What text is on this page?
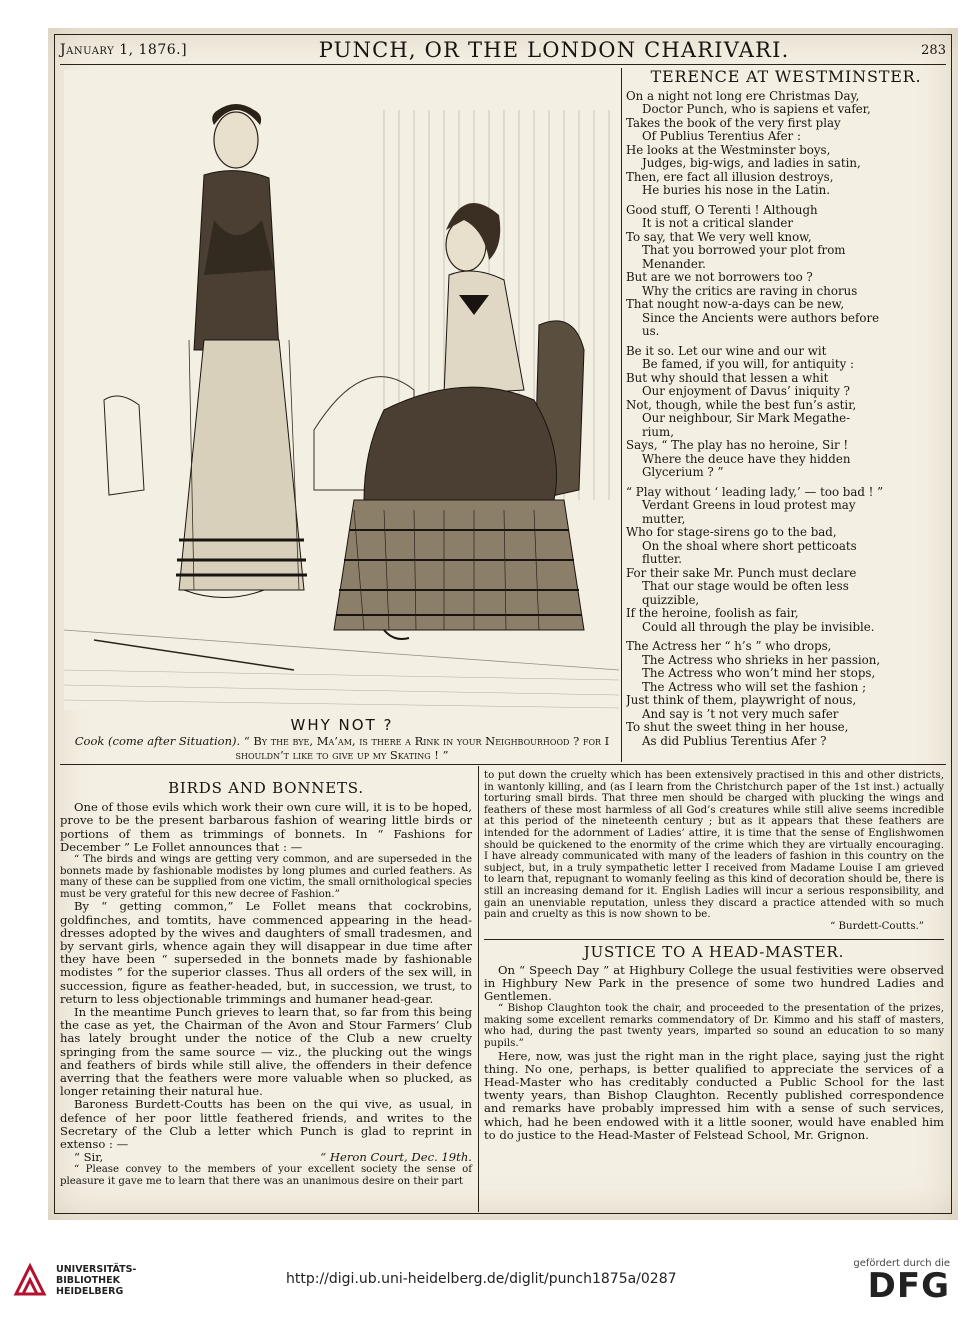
January 1, 1876.]	PUNCH, OR THE LONDON CHARIVARI.	283
WHY NOT ?
Cook (come after Situation). “ By the bye, Ma’am, is there a Rink in your Neighbourhood ? for I shouldn’t like to give up my Skating ! ”
TERENCE AT WESTMINSTER.
On a night not long ere Christmas Day,
Doctor Punch, who is sapiens et vafer,
Takes the book of the very first play
Of Publius Terentius Afer :
He looks at the Westminster boys,
Judges, big-wigs, and ladies in satin,
Then, ere fact all illusion destroys,
He buries his nose in the Latin.
Good stuff, O Terenti ! Although
It is not a critical slander
To say, that We very well know,
That you borrowed your plot from
Menander.
But are we not borrowers too ?
Why the critics are raving in chorus
That nought now-a-days can be new,
Since the Ancients were authors before
us.
Be it so. Let our wine and our wit
Be famed, if you will, for antiquity :
But why should that lessen a whit
Our enjoyment of Davus’ iniquity ?
Not, though, while the best fun’s astir,
Our neighbour, Sir Mark Megathe-
rium,
Says, “ The play has no heroine, Sir !
Where the deuce have they hidden
Glycerium ? ”
“ Play without ‘ leading lady,’ — too bad ! ”
Verdant Greens in loud protest may
mutter,
Who for stage-sirens go to the bad,
On the shoal where short petticoats
flutter.
For their sake Mr. Punch must declare
That our stage would be often less
quizzible,
If the heroine, foolish as fair,
Could all through the play be invisible.
The Actress her “ h’s ” who drops,
The Actress who shrieks in her passion,
The Actress who won’t mind her stops,
The Actress who will set the fashion ;
Just think of them, playwright of nous,
And say is ’t not very much safer
To shut the sweet thing in her house,
As did Publius Terentius Afer ?

BIRDS AND BONNETS.

One of those evils which work their own cure will, it is to be hoped, prove to be the present barbarous fashion of wearing little birds or portions of them as trimmings of bonnets. In “ Fashions for December ” Le Follet announces that : —

“ The birds and wings are getting very common, and are superseded in the bonnets made by fashionable modistes by long plumes and curled feathers. As many of these can be supplied from one victim, the small ornithological species must be very grateful for this new decree of Fashion.”

By “ getting common,” Le Follet means that cockrobins, goldfinches, and tomtits, have commenced appearing in the head-dresses adopted by the wives and daughters of small tradesmen, and by servant girls, whence again they will disappear in due time after they have been “ superseded in the bonnets made by fashionable modistes ” for the superior classes. Thus all orders of the sex will, in succession, figure as feather-headed, but, in succession, we trust, to return to less objectionable trimmings and humaner head-gear.

In the meantime Punch grieves to learn that, so far from this being the case as yet, the Chairman of the Avon and Stour Farmers’ Club has lately brought under the notice of the Club a new cruelty springing from the same source — viz., the plucking out the wings and feathers of birds while still alive, the offenders in their defence averring that the feathers were more valuable when so plucked, as longer retaining their natural hue.

Baroness Burdett-Coutts has been on the qui vive, as usual, in defence of her poor little feathered friends, and writes to the Secretary of the Club a letter which Punch is glad to reprint in extenso : —

“ Sir,	“ Heron Court, Dec. 19th.

“ Please convey to the members of your excellent society the sense of pleasure it gave me to learn that there was an unanimous desire on their part

to put down the cruelty which has been extensively practised in this and other districts, in wantonly killing, and (as I learn from the Christchurch paper of the 1st inst.) actually torturing small birds. That three men should be charged with plucking the wings and feathers of these most harmless of all God’s creatures while still alive seems incredible at this period of the nineteenth century ; but as it appears that these feathers are intended for the adornment of Ladies’ attire, it is time that the sense of Englishwomen should be quickened to the enormity of the crime which they are virtually encouraging. I have already communicated with many of the leaders of fashion in this country on the subject, but, in a truly sympathetic letter I received from Madame Louise I am grieved to learn that, repugnant to womanly feeling as this kind of decoration should be, there is still an increasing demand for it. English Ladies will incur a serious responsibility, and gain an unenviable reputation, unless they discard a practice attended with so much pain and cruelty as this is now shown to be.

“ Burdett-Coutts.”

JUSTICE TO A HEAD-MASTER.

On “ Speech Day ” at Highbury College the usual festivities were observed in Highbury New Park in the presence of some two hundred Ladies and Gentlemen.

“ Bishop Claughton took the chair, and proceeded to the presentation of the prizes, making some excellent remarks commendatory of Dr. Kimmo and his staff of masters, who had, during the past twenty years, imparted so sound an education to so many pupils.”

Here, now, was just the right man in the right place, saying just the right thing. No one, perhaps, is better qualified to appreciate the services of a Head-Master who has creditably conducted a Public School for the last twenty years, than Bishop Claughton. Recently published correspondence and remarks have probably impressed him with a sense of such services, which, had he been endowed with it a little sooner, would have enabled him to do justice to the Head-Master of Felstead School, Mr. Grignon.

UNIVERSITÄTS-
BIBLIOTHEK
HEIDELBERG
http://digi.ub.uni-heidelberg.de/diglit/punch1875a/0287
gefördert durch die
DFG
